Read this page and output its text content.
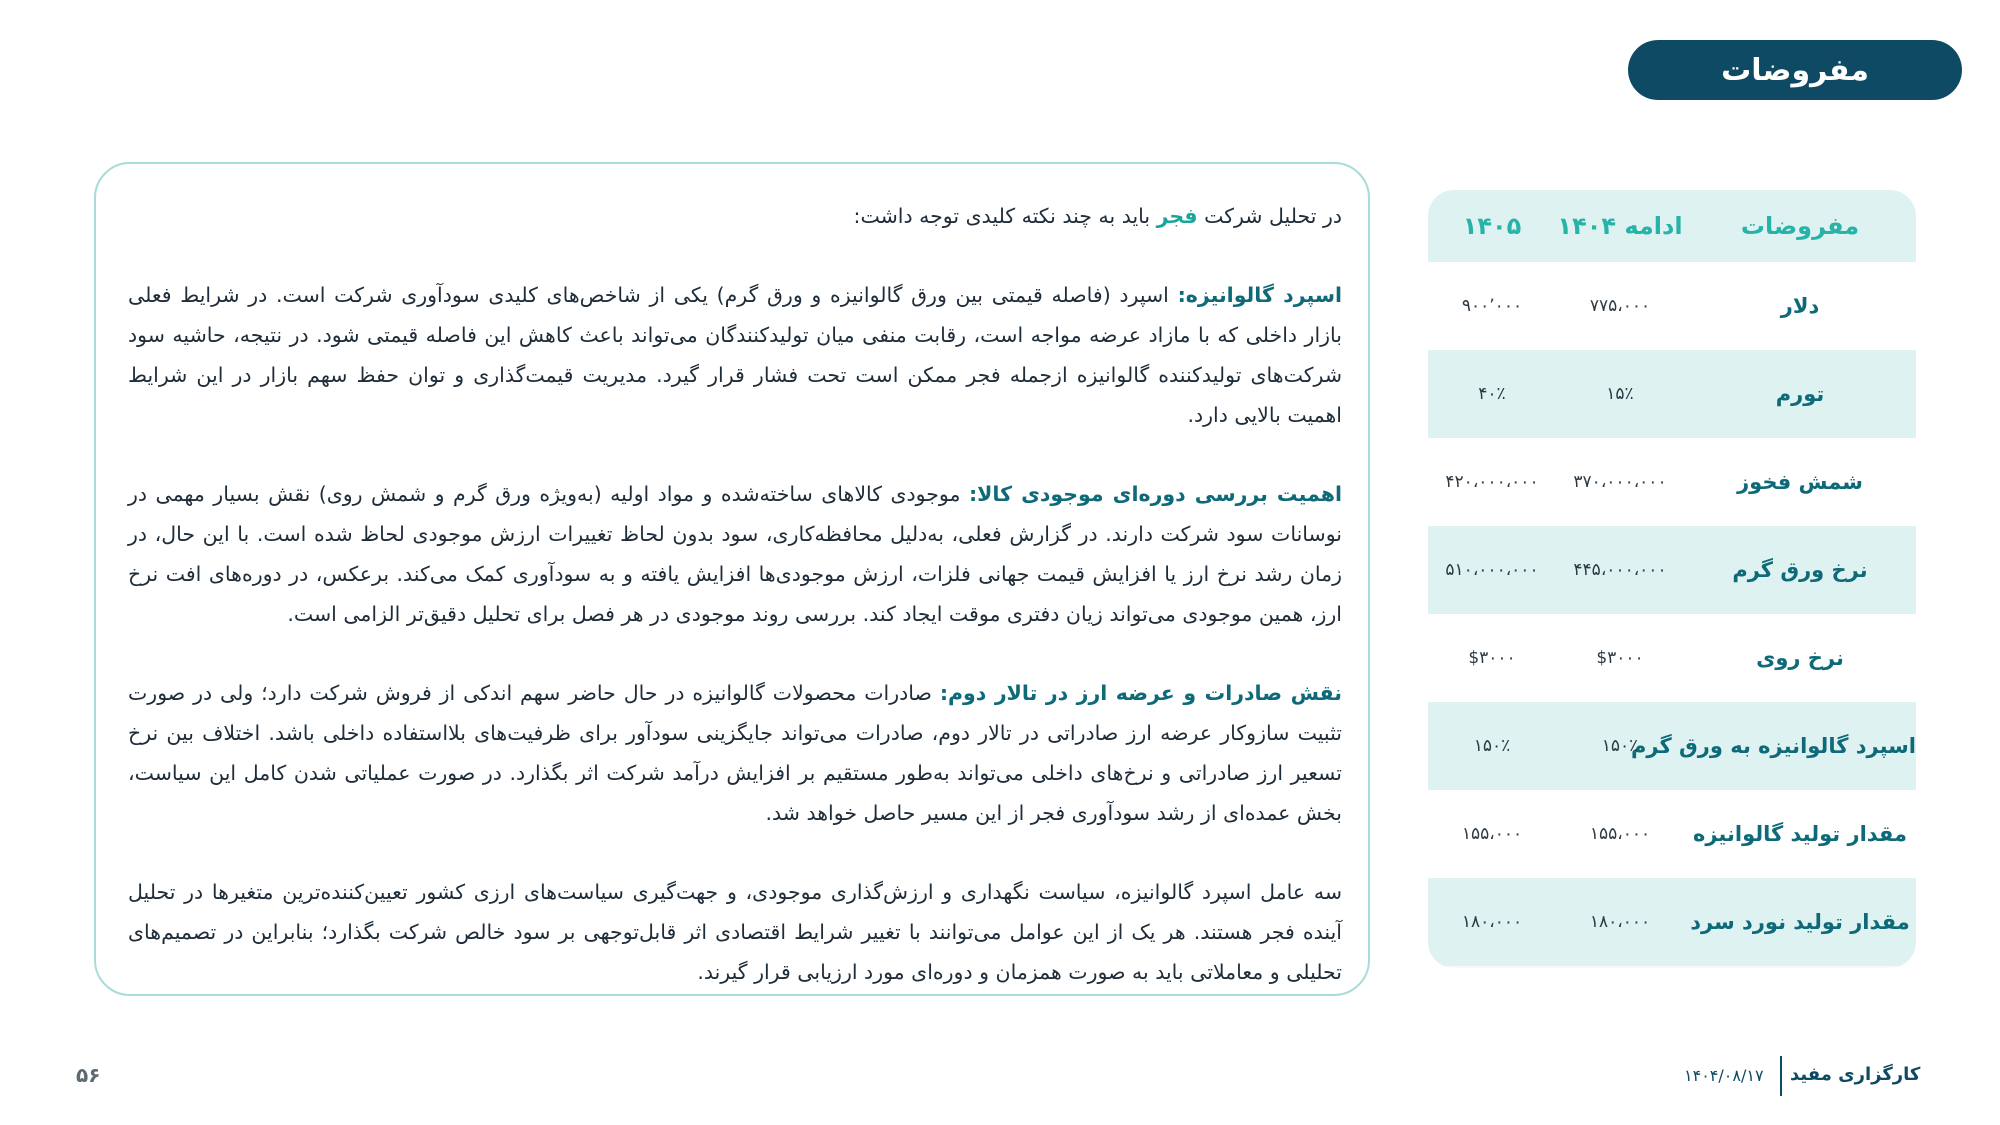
مفروضات

در تحلیل شرکت فجر باید به چند نکته کلیدی توجه داشت:

اسپرد گالوانیزه: اسپرد (فاصله قیمتی بین ورق گالوانیزه و ورق گرم) یکی از شاخص‌های کلیدی سودآوری شرکت است. در شرایط فعلی بازار داخلی که با مازاد عرضه مواجه است، رقابت منفی میان تولیدکنندگان می‌تواند باعث کاهش این فاصله قیمتی شود. در نتیجه، حاشیه سود شرکت‌های تولیدکننده گالوانیزه ازجمله فجر ممکن است تحت فشار قرار گیرد. مدیریت قیمت‌گذاری و توان حفظ سهم بازار در این شرایط اهمیت بالایی دارد.

اهمیت بررسی دوره‌ای موجودی کالا: موجودی کالاهای ساخته‌شده و مواد اولیه (به‌ویژه ورق گرم و شمش روی) نقش بسیار مهمی در نوسانات سود شرکت دارند. در گزارش فعلی، به‌دلیل محافظه‌کاری، سود بدون لحاظ تغییرات ارزش موجودی لحاظ شده است. با این حال، در زمان رشد نرخ ارز یا افزایش قیمت جهانی فلزات، ارزش موجودی‌ها افزایش یافته و به سودآوری کمک می‌کند. برعکس، در دوره‌های افت نرخ ارز، همین موجودی می‌تواند زیان دفتری موقت ایجاد کند. بررسی روند موجودی در هر فصل برای تحلیل دقیق‌تر الزامی است.

نقش صادرات و عرضه ارز در تالار دوم: صادرات محصولات گالوانیزه در حال حاضر سهم اندکی از فروش شرکت دارد؛ ولی در صورت تثبیت سازوکار عرضه ارز صادراتی در تالار دوم، صادرات می‌تواند جایگزینی سودآور برای ظرفیت‌های بلااستفاده داخلی باشد. اختلاف بین نرخ تسعیر ارز صادراتی و نرخ‌های داخلی می‌تواند به‌طور مستقیم بر افزایش درآمد شرکت اثر بگذارد. در صورت عملیاتی شدن کامل این سیاست، بخش عمده‌ای از رشد سودآوری فجر از این مسیر حاصل خواهد شد.

سه عامل اسپرد گالوانیزه، سیاست نگهداری و ارزش‌گذاری موجودی، و جهت‌گیری سیاست‌های ارزی کشور تعیین‌کننده‌ترین متغیرها در تحلیل آینده فجر هستند. هر یک از این عوامل می‌توانند با تغییر شرایط اقتصادی اثر قابل‌توجهی بر سود خالص شرکت بگذارد؛ بنابراین در تصمیم‌های تحلیلی و معاملاتی باید به صورت همزمان و دوره‌ای مورد ارزیابی قرار گیرند.

مفروضات
ادامه ۱۴۰۴
۱۴۰۵
دلار
۷۷۵،۰۰۰
۹۰۰٬۰۰۰
تورم
۱۵٪
۴۰٪
شمش فخوز
۳۷۰،۰۰۰،۰۰۰
۴۲۰،۰۰۰،۰۰۰
نرخ ورق گرم
۴۴۵،۰۰۰،۰۰۰
۵۱۰،۰۰۰،۰۰۰
نرخ روی
$۳۰۰۰
$۳۰۰۰
اسپرد گالوانیزه به ورق گرم
۱۵۰٪
۱۵۰٪
مقدار تولید گالوانیزه
۱۵۵،۰۰۰
۱۵۵،۰۰۰
مقدار تولید نورد سرد
۱۸۰،۰۰۰
۱۸۰،۰۰۰
۵۶	۱۴۰۴/۰۸/۱۷ کارگزاری مفید
